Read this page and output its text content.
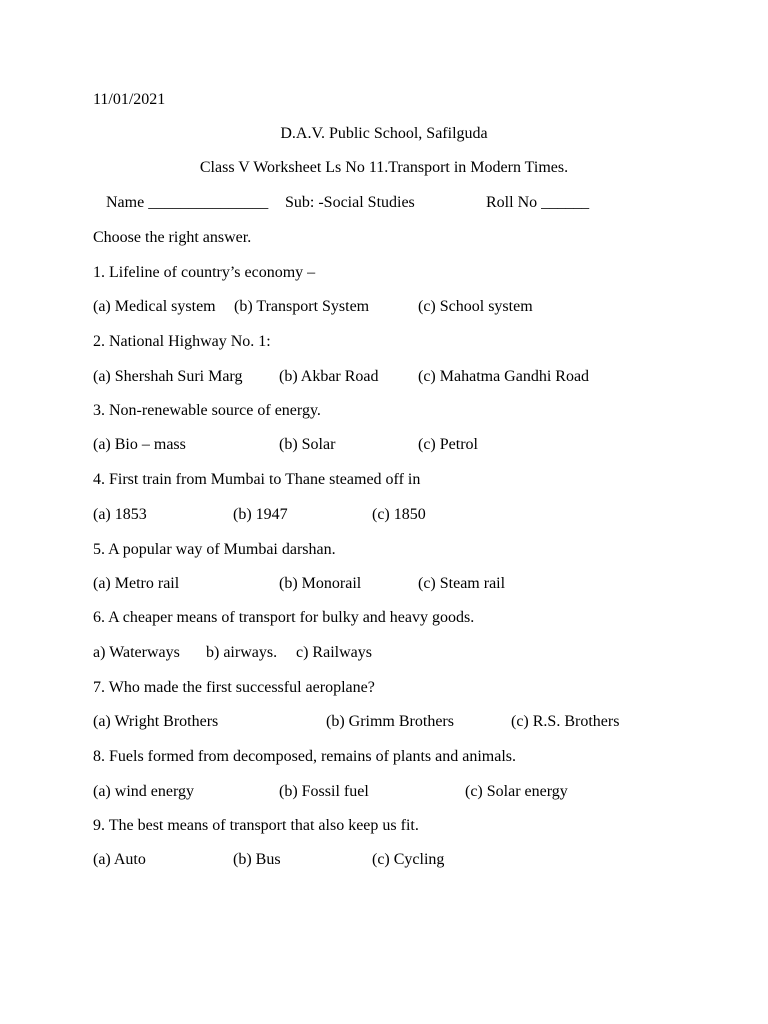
11/01/2021
D.A.V. Public School, Safilguda
Class V Worksheet Ls No 11.Transport in Modern Times.
Name _______________ Sub: -Social Studies	Roll No ______
Choose the right answer.
1. Lifeline of country’s economy –
(a) Medical system (b) Transport System	(c) School system
2. National Highway No. 1:
(a) Shershah Suri Marg (b) Akbar Road (c) Mahatma Gandhi Road
3. Non-renewable source of energy.
(a) Bio – mass	(b) Solar	(c) Petrol
4. First train from Mumbai to Thane steamed off in
(a) 1853	(b) 1947	(c) 1850
5. A popular way of Mumbai darshan.
(a) Metro rail	(b) Monorail	(c) Steam rail
6. A cheaper means of transport for bulky and heavy goods.
a) Waterways b) airways. c) Railways
7. Who made the first successful aeroplane?
(a) Wright Brothers	(b) Grimm Brothers	(c) R.S. Brothers
8. Fuels formed from decomposed, remains of plants and animals.
(a) wind energy	(b) Fossil fuel	(c) Solar energy
9. The best means of transport that also keep us fit.
(a) Auto	(b) Bus	(c) Cycling
